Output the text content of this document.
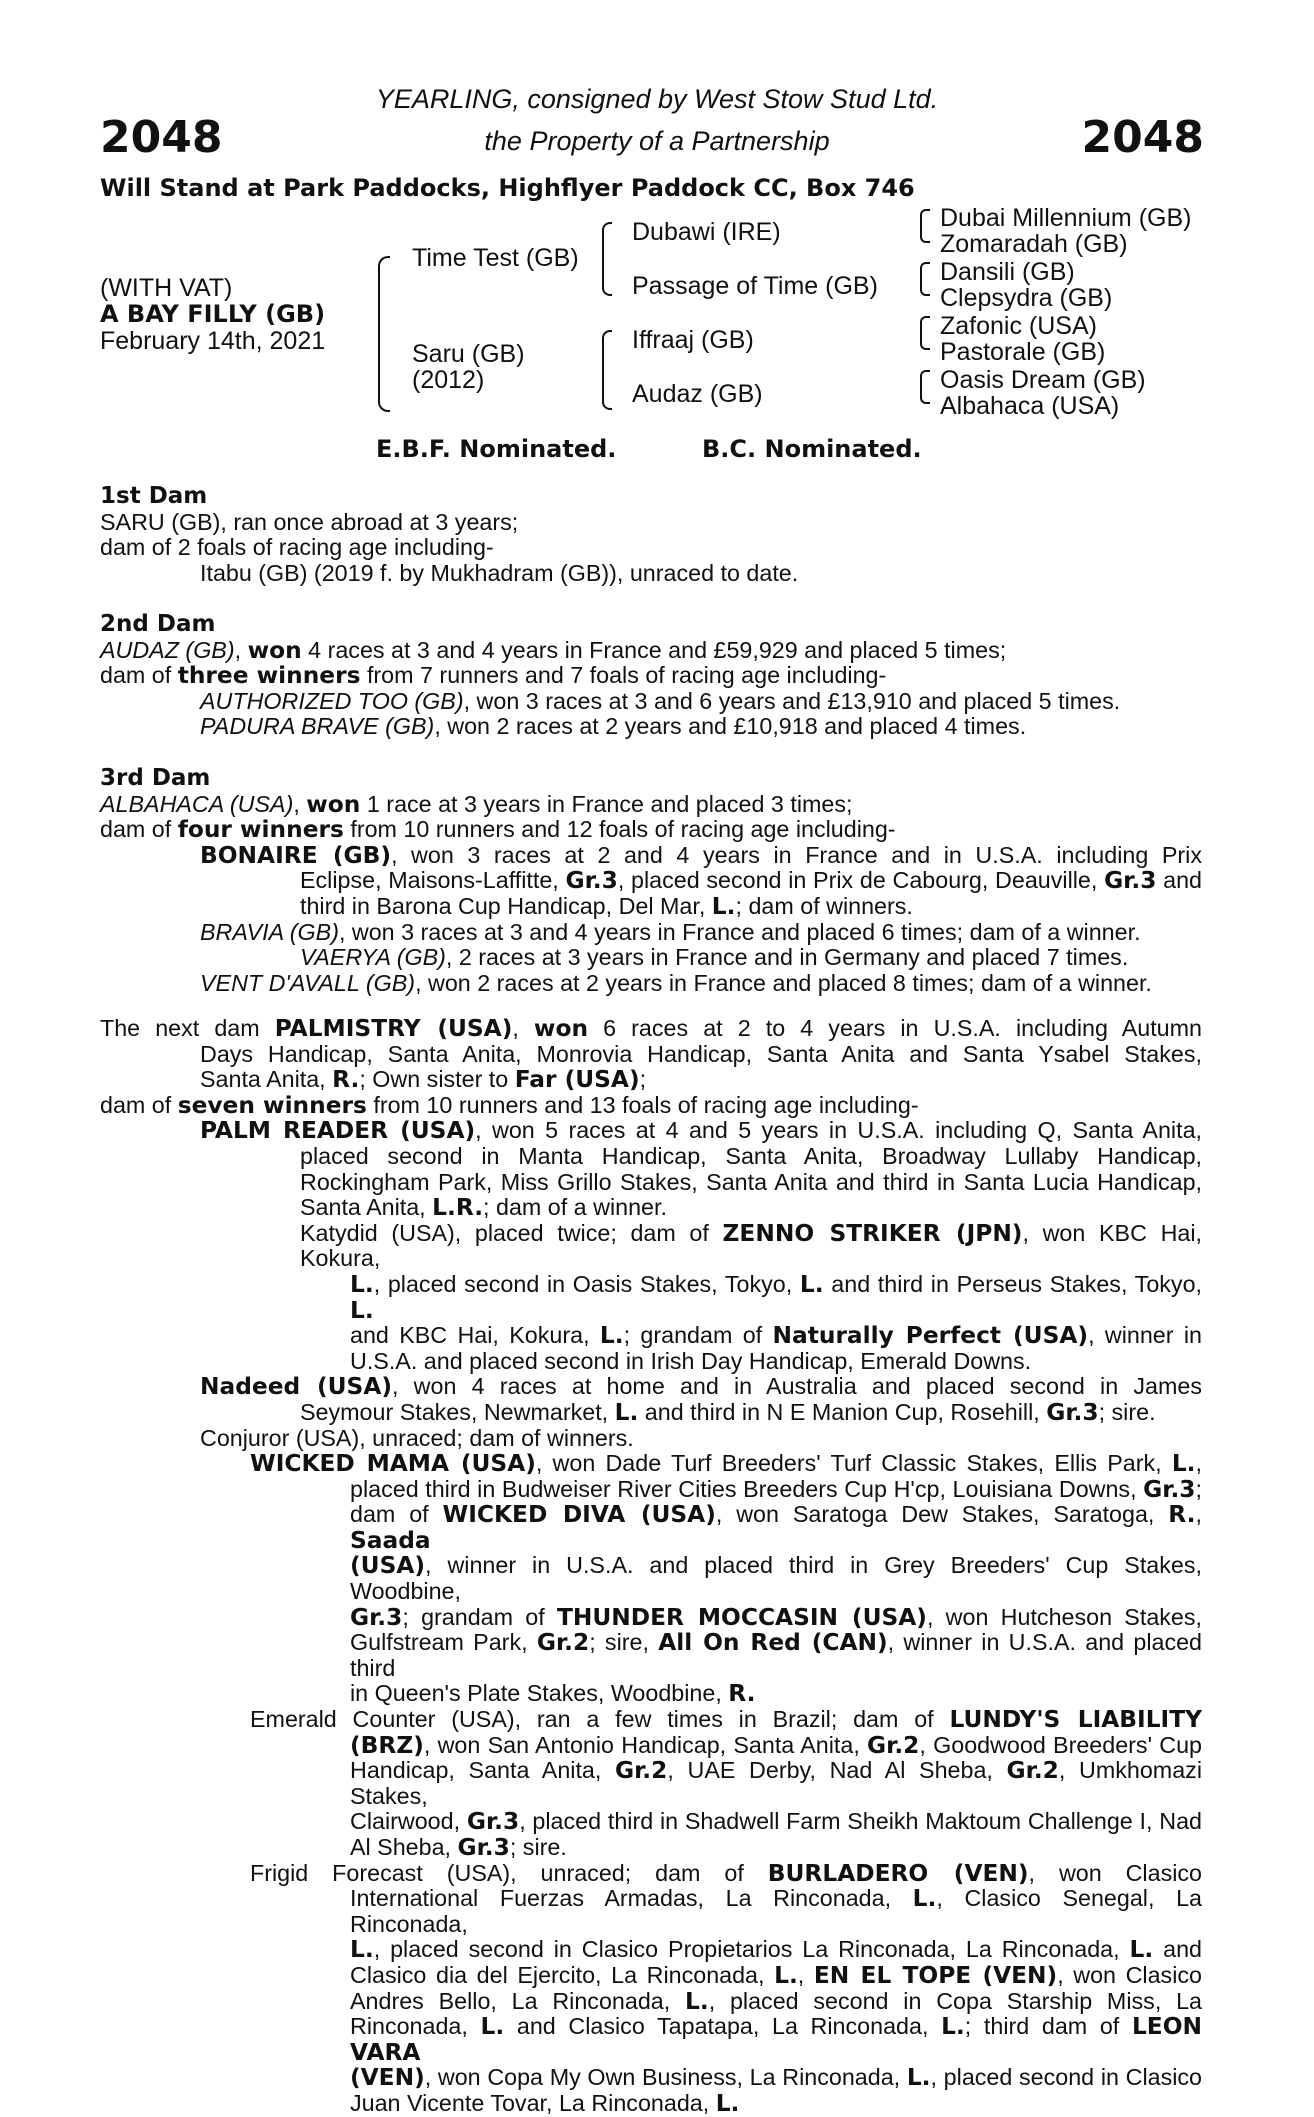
2048	2048
YEARLING, consigned by West Stow Stud Ltd.
the Property of a Partnership
Will Stand at Park Paddocks, Highflyer Paddock CC, Box 746
(WITH VAT)
A BAY FILLY (GB)
February 14th, 2021
Time Test (GB)
Saru (GB)
(2012)
Dubawi (IRE)
Passage of Time (GB)
Iffraaj (GB)
Audaz (GB)
Dubai Millennium (GB)
Zomaradah (GB)
Dansili (GB)
Clepsydra (GB)
Zafonic (USA)
Pastorale (GB)
Oasis Dream (GB)
Albahaca (USA)
E.B.F. Nominated.	B.C. Nominated.
1st Dam
SARU (GB), ran once abroad at 3 years;
dam of 2 foals of racing age including-
Itabu (GB) (2019 f. by Mukhadram (GB)), unraced to date.
2nd Dam
AUDAZ (GB), won 4 races at 3 and 4 years in France and £59,929 and placed 5 times;
dam of three winners from 7 runners and 7 foals of racing age including-
AUTHORIZED TOO (GB), won 3 races at 3 and 6 years and £13,910 and placed 5 times.
PADURA BRAVE (GB), won 2 races at 2 years and £10,918 and placed 4 times.
3rd Dam
ALBAHACA (USA), won 1 race at 3 years in France and placed 3 times;
dam of four winners from 10 runners and 12 foals of racing age including-
BONAIRE (GB), won 3 races at 2 and 4 years in France and in U.S.A. including Prix
Eclipse, Maisons-Laffitte, Gr.3, placed second in Prix de Cabourg, Deauville, Gr.3 and
third in Barona Cup Handicap, Del Mar, L.; dam of winners.
BRAVIA (GB), won 3 races at 3 and 4 years in France and placed 6 times; dam of a winner.
VAERYA (GB), 2 races at 3 years in France and in Germany and placed 7 times.
VENT D'AVALL (GB), won 2 races at 2 years in France and placed 8 times; dam of a winner.
The next dam PALMISTRY (USA), won 6 races at 2 to 4 years in U.S.A. including Autumn
Days Handicap, Santa Anita, Monrovia Handicap, Santa Anita and Santa Ysabel Stakes,
Santa Anita, R.; Own sister to Far (USA);
dam of seven winners from 10 runners and 13 foals of racing age including-
PALM READER (USA), won 5 races at 4 and 5 years in U.S.A. including Q, Santa Anita,
placed second in Manta Handicap, Santa Anita, Broadway Lullaby Handicap,
Rockingham Park, Miss Grillo Stakes, Santa Anita and third in Santa Lucia Handicap,
Santa Anita, L.R.; dam of a winner.
Katydid (USA), placed twice; dam of ZENNO STRIKER (JPN), won KBC Hai, Kokura,
L., placed second in Oasis Stakes, Tokyo, L. and third in Perseus Stakes, Tokyo, L.
and KBC Hai, Kokura, L.; grandam of Naturally Perfect (USA), winner in
U.S.A. and placed second in Irish Day Handicap, Emerald Downs.
Nadeed (USA), won 4 races at home and in Australia and placed second in James
Seymour Stakes, Newmarket, L. and third in N E Manion Cup, Rosehill, Gr.3; sire.
Conjuror (USA), unraced; dam of winners.
WICKED MAMA (USA), won Dade Turf Breeders' Turf Classic Stakes, Ellis Park, L.,
placed third in Budweiser River Cities Breeders Cup H'cp, Louisiana Downs, Gr.3;
dam of WICKED DIVA (USA), won Saratoga Dew Stakes, Saratoga, R., Saada
(USA), winner in U.S.A. and placed third in Grey Breeders' Cup Stakes, Woodbine,
Gr.3; grandam of THUNDER MOCCASIN (USA), won Hutcheson Stakes,
Gulfstream Park, Gr.2; sire, All On Red (CAN), winner in U.S.A. and placed third
in Queen's Plate Stakes, Woodbine, R.
Emerald Counter (USA), ran a few times in Brazil; dam of LUNDY'S LIABILITY
(BRZ), won San Antonio Handicap, Santa Anita, Gr.2, Goodwood Breeders' Cup
Handicap, Santa Anita, Gr.2, UAE Derby, Nad Al Sheba, Gr.2, Umkhomazi Stakes,
Clairwood, Gr.3, placed third in Shadwell Farm Sheikh Maktoum Challenge I, Nad
Al Sheba, Gr.3; sire.
Frigid Forecast (USA), unraced; dam of BURLADERO (VEN), won Clasico
International Fuerzas Armadas, La Rinconada, L., Clasico Senegal, La Rinconada,
L., placed second in Clasico Propietarios La Rinconada, La Rinconada, L. and
Clasico dia del Ejercito, La Rinconada, L., EN EL TOPE (VEN), won Clasico
Andres Bello, La Rinconada, L., placed second in Copa Starship Miss, La
Rinconada, L. and Clasico Tapatapa, La Rinconada, L.; third dam of LEON VARA
(VEN), won Copa My Own Business, La Rinconada, L., placed second in Clasico
Juan Vicente Tovar, La Rinconada, L.
